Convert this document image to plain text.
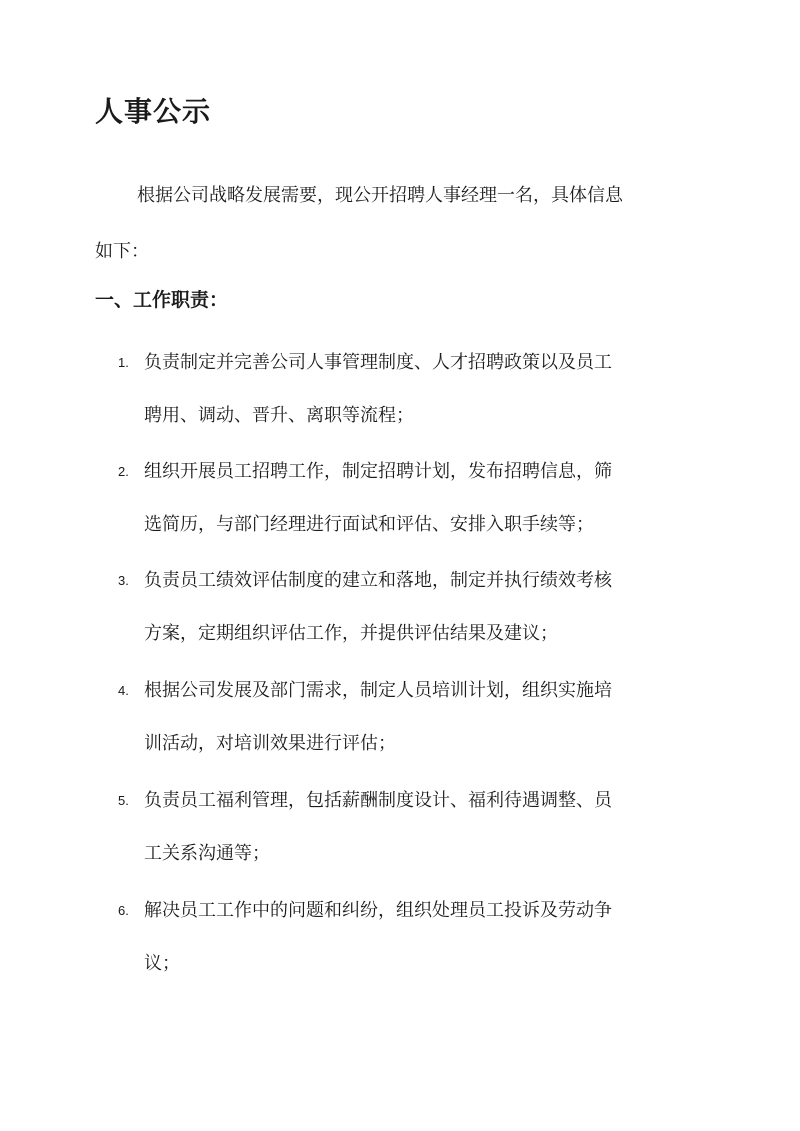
人事公示

根据公司战略发展需要，现公开招聘人事经理一名，具体信息
如下：

一、工作职责：
1. 负责制定并完善公司人事管理制度、人才招聘政策以及员工
聘用、调动、晋升、离职等流程；
2. 组织开展员工招聘工作，制定招聘计划，发布招聘信息，筛
选简历，与部门经理进行面试和评估、安排入职手续等；
3. 负责员工绩效评估制度的建立和落地，制定并执行绩效考核
方案，定期组织评估工作，并提供评估结果及建议；
4. 根据公司发展及部门需求，制定人员培训计划，组织实施培
训活动，对培训效果进行评估；
5. 负责员工福利管理，包括薪酬制度设计、福利待遇调整、员
工关系沟通等；
6. 解决员工工作中的问题和纠纷，组织处理员工投诉及劳动争
议；
